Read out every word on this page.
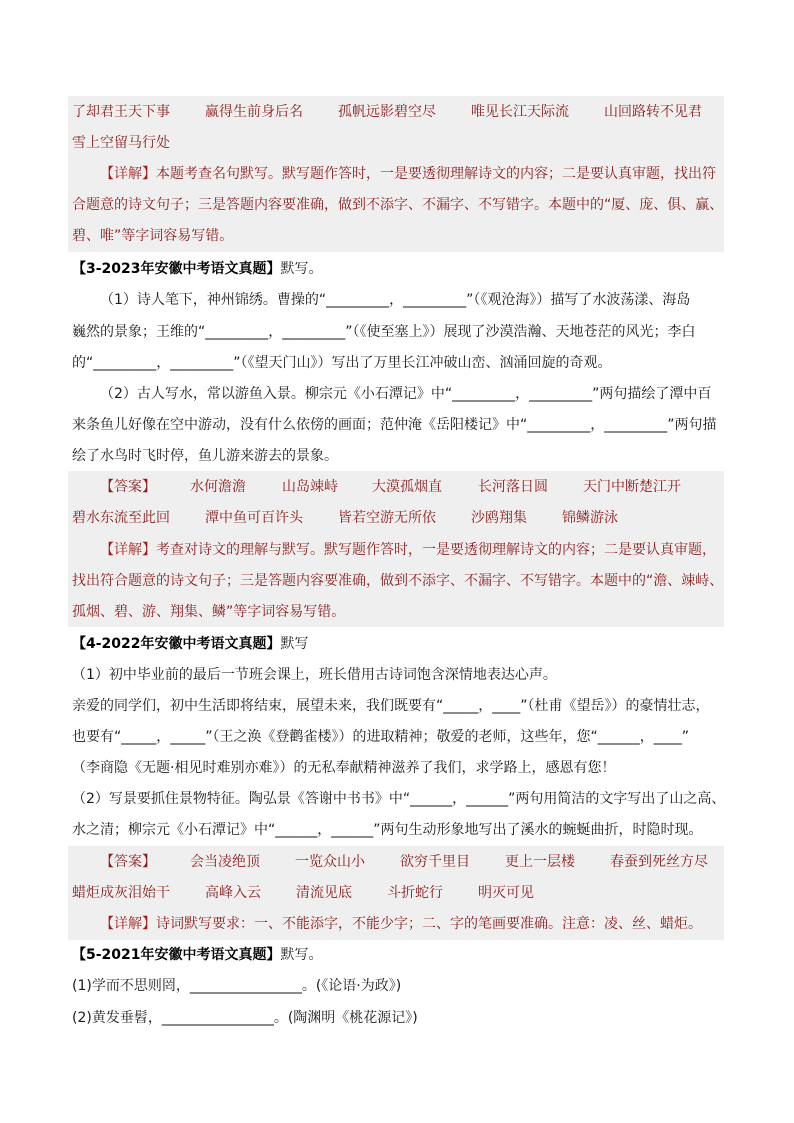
了却君王天下事	赢得生前身后名	孤帆远影碧空尽	唯见长江天际流	山回路转不见君
雪上空留马行处
【详解】本题考查名句默写。默写题作答时，一是要透彻理解诗文的内容；二是要认真审题，找出符
合题意的诗文句子；三是答题内容要准确，做到不添字、不漏字、不写错字。本题中的“厦、庞、俱、赢、
碧、唯”等字词容易写错。
【3-2023年安徽中考语文真题】默写。
（1）诗人笔下，神州锦绣。曹操的“_________，_________”（《观沧海》）描写了水波荡漾、海岛
巍然的景象；王维的“_________，_________”（《使至塞上》）展现了沙漠浩瀚、天地苍茫的风光；李白
的“_________，_________”（《望天门山》）写出了万里长江冲破山峦、汹涌回旋的奇观。
（2）古人写水，常以游鱼入景。柳宗元《小石潭记》中“_________，_________”两句描绘了潭中百
来条鱼儿好像在空中游动，没有什么依傍的画面；范仲淹《岳阳楼记》中“_________，_________”两句描
绘了水鸟时飞时停，鱼儿游来游去的景象。
【答案】 水何澹澹	山岛竦峙 大漠孤烟直	长河落日圆	天门中断楚江开
碧水东流至此回	潭中鱼可百许头	皆若空游无所依	沙鸥翔集	锦鳞游泳
【详解】考查对诗文的理解与默写。默写题作答时，一是要透彻理解诗文的内容；二是要认真审题，
找出符合题意的诗文句子；三是答题内容要准确，做到不添字、不漏字、不写错字。本题中的“澹、竦峙、
孤烟、碧、游、翔集、鳞”等字词容易写错。
【4-2022年安徽中考语文真题】默写
（1）初中毕业前的最后一节班会课上，班长借用古诗词饱含深情地表达心声。
亲爱的同学们，初中生活即将结束，展望未来，我们既要有“_____，____”（杜甫《望岳》）的豪情壮志，
也要有“_____，_____”（王之涣《登鹳雀楼》）的进取精神；敬爱的老师，这些年，您“______，____”
（李商隐《无题·相见时难别亦难》）的无私奉献精神滋养了我们，求学路上，感恩有您！
（2）写景要抓住景物特征。陶弘景《答谢中书书》中“______，______”两句用简洁的文字写出了山之高、
水之清；柳宗元《小石潭记》中“______，______”两句生动形象地写出了溪水的蜿蜒曲折，时隐时现。
【答案】 会当凌绝顶	一览众山小	欲穷千里目	更上一层楼	春蚕到死丝方尽
蜡炬成灰泪始干	高峰入云	清流见底	斗折蛇行	明灭可见
【详解】诗词默写要求：一、不能添字，不能少字；二、字的笔画要准确。注意：凌、丝、蜡炬。
【5-2021年安徽中考语文真题】默写。
(1)学而不思则罔，________________。(《论语·为政》)
(2)黄发垂髫，________________。(陶渊明《桃花源记》)
